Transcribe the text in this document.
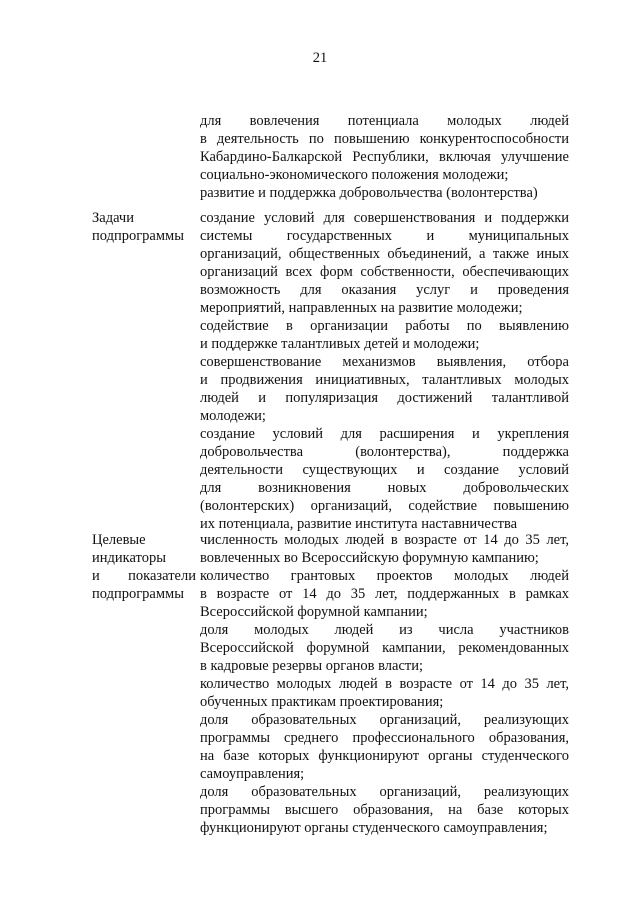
21
для вовлечения потенциала молодых людей
в деятельность по повышению конкурентоспособности
Кабардино-Балкарской Республики, включая улучшение
социально-экономического положения молодежи;
развитие и поддержка добровольчества (волонтерства)
Задачи
подпрограммы
создание условий для совершенствования и поддержки
системы государственных и муниципальных
организаций, общественных объединений, а также иных
организаций всех форм собственности, обеспечивающих
возможность для оказания услуг и проведения
мероприятий, направленных на развитие молодежи;
содействие в организации работы по выявлению
и поддержке талантливых детей и молодежи;
совершенствование механизмов выявления, отбора
и продвижения инициативных, талантливых молодых
людей и популяризация достижений талантливой
молодежи;
создание условий для расширения и укрепления
добровольчества (волонтерства), поддержка
деятельности существующих и создание условий
для возникновения новых добровольческих
(волонтерских) организаций, содействие повышению
их потенциала, развитие института наставничества
Целевые
индикаторы
и показатели
подпрограммы
численность молодых людей в возрасте от 14 до 35 лет,
вовлеченных во Всероссийскую форумную кампанию;
количество грантовых проектов молодых людей
в возрасте от 14 до 35 лет, поддержанных в рамках
Всероссийской форумной кампании;
доля молодых людей из числа участников
Всероссийской форумной кампании, рекомендованных
в кадровые резервы органов власти;
количество молодых людей в возрасте от 14 до 35 лет,
обученных практикам проектирования;
доля образовательных организаций, реализующих
программы среднего профессионального образования,
на базе которых функционируют органы студенческого
самоуправления;
доля образовательных организаций, реализующих
программы высшего образования, на базе которых
функционируют органы студенческого самоуправления;
